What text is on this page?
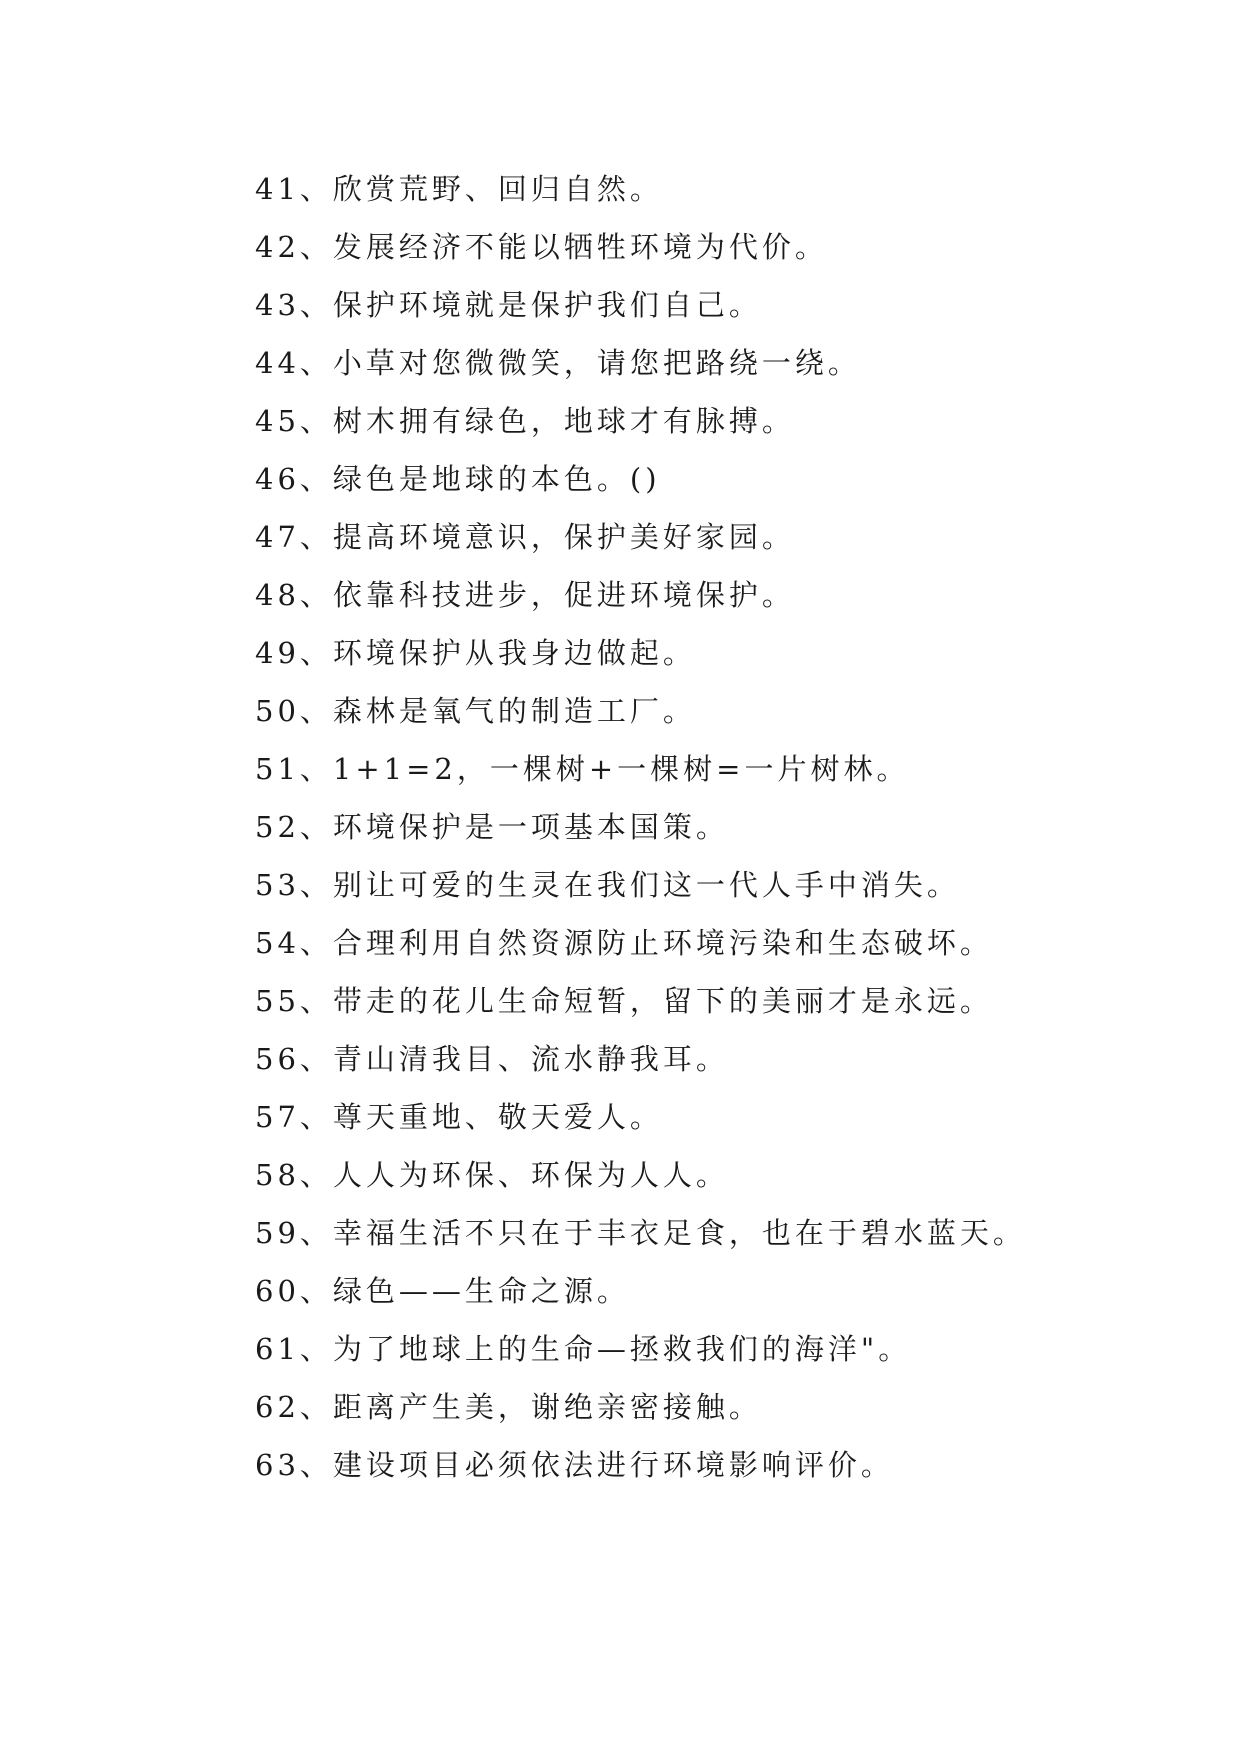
41、欣赏荒野、回归自然。
42、发展经济不能以牺牲环境为代价。
43、保护环境就是保护我们自己。
44、小草对您微微笑，请您把路绕一绕。
45、树木拥有绿色，地球才有脉搏。
46、绿色是地球的本色。()
47、提高环境意识，保护美好家园。
48、依靠科技进步，促进环境保护。
49、环境保护从我身边做起。
50、森林是氧气的制造工厂。
51、1+1=2，一棵树+一棵树=一片树林。
52、环境保护是一项基本国策。
53、别让可爱的生灵在我们这一代人手中消失。
54、合理利用自然资源防止环境污染和生态破坏。
55、带走的花儿生命短暂，留下的美丽才是永远。
56、青山清我目、流水静我耳。
57、尊天重地、敬天爱人。
58、人人为环保、环保为人人。
59、幸福生活不只在于丰衣足食，也在于碧水蓝天。
60、绿色——生命之源。
61、为了地球上的生命—拯救我们的海洋"。
62、距离产生美，谢绝亲密接触。
63、建设项目必须依法进行环境影响评价。
